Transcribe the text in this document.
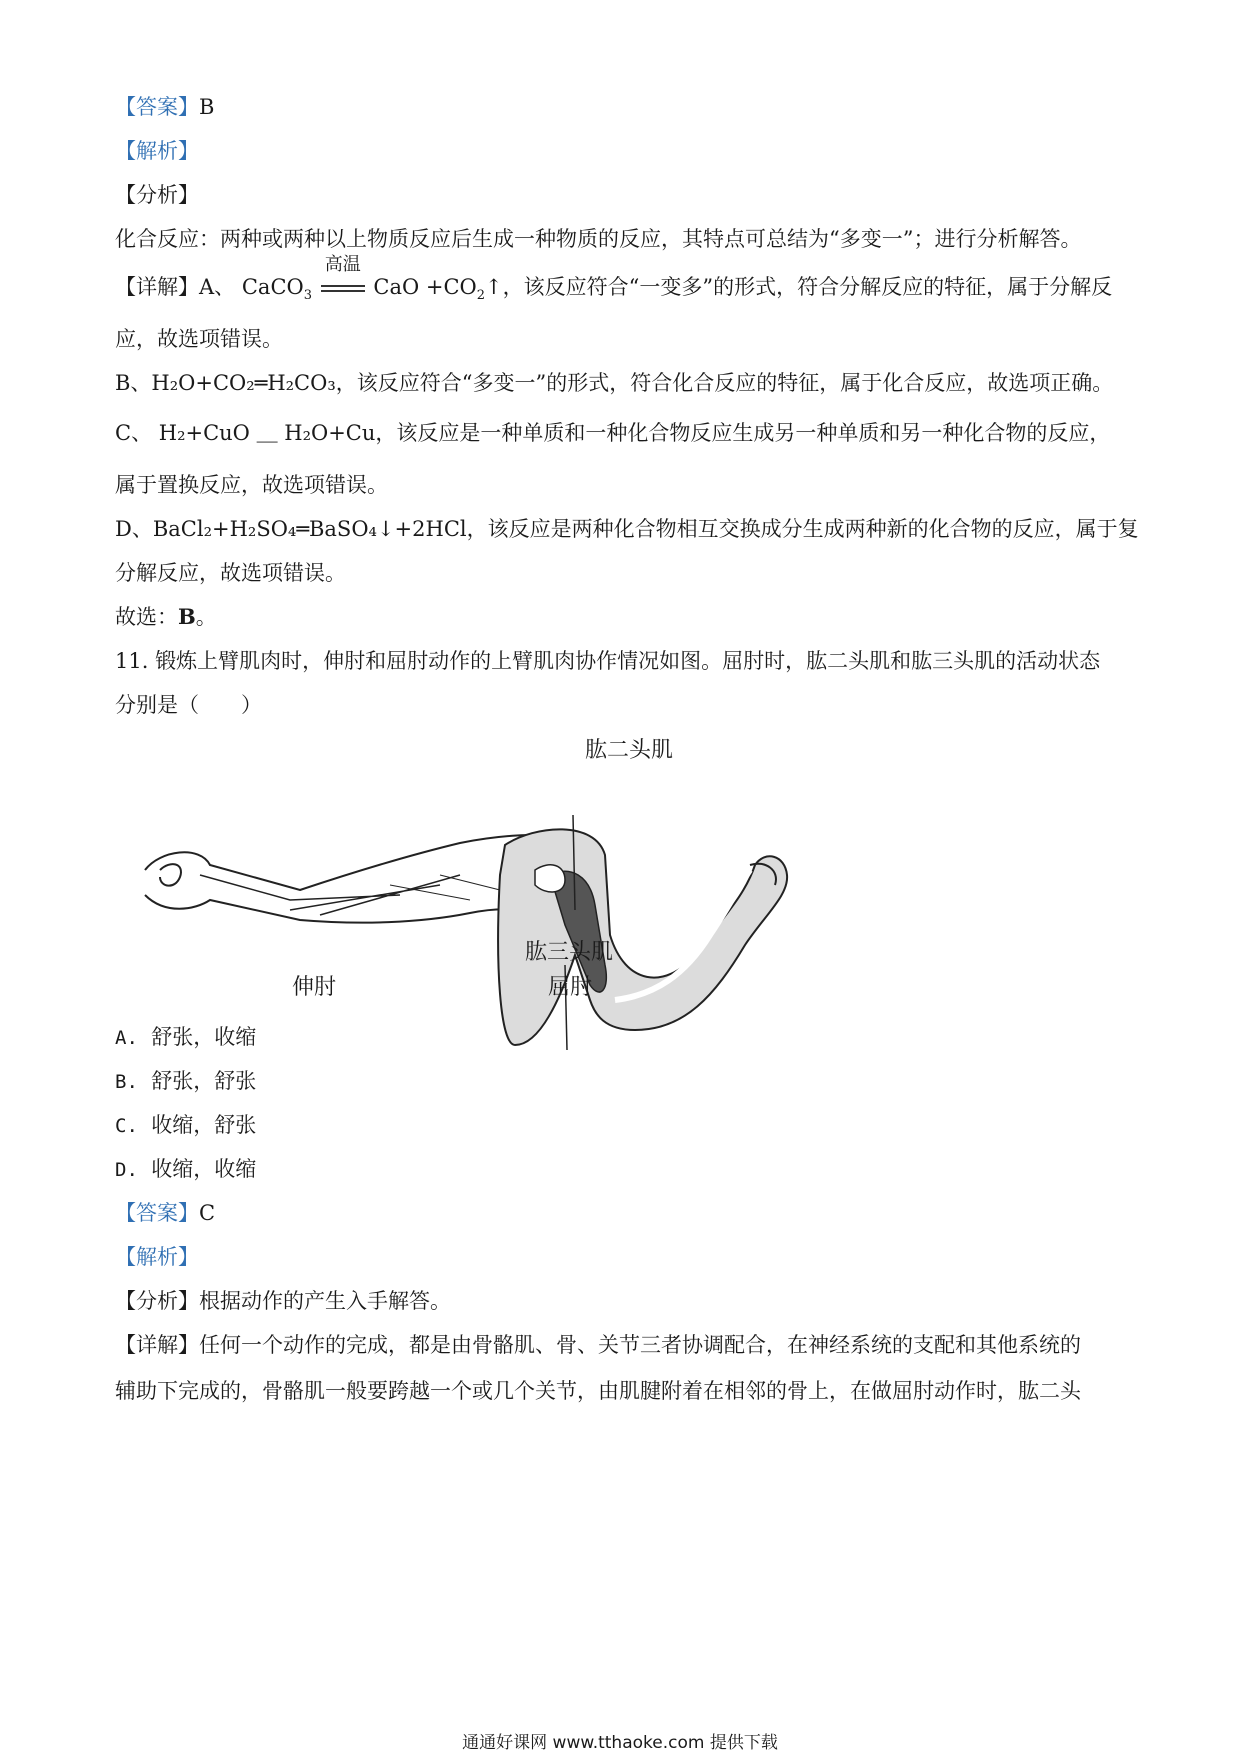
【答案】B
【解析】
【分析】
化合反应：两种或两种以上物质反应后生成一种物质的反应，其特点可总结为“多变一”；进行分析解答。
【详解】A、 CaCO$_3$
高温
CaO $+CO_2↑$，该反应符合“一变多”的形式，符合分解反应的特征，属于分解反
应，故选项错误。
B、H₂O+CO₂═H₂CO₃，该反应符合“多变一”的形式，符合化合反应的特征，属于化合反应，故选项正确。
C、 H₂+CuO ＿ H₂O+Cu，该反应是一种单质和一种化合物反应生成另一种单质和另一种化合物的反应，
属于置换反应，故选项错误。
D、BaCl₂+H₂SO₄═BaSO₄↓+2HCl，该反应是两种化合物相互交换成分生成两种新的化合物的反应，属于复
分解反应，故选项错误。
故选：B。
11. 锻炼上臂肌肉时，伸肘和屈肘动作的上臂肌肉协作情况如图。屈肘时，肱二头肌和肱三头肌的活动状态
分别是（　　）
肱二头肌
肱三头肌
伸肘	屈肘
A. 舒张，收缩
B. 舒张，舒张
C. 收缩，舒张
D. 收缩，收缩
【答案】C
【解析】
【分析】根据动作的产生入手解答。
【详解】任何一个动作的完成，都是由骨骼肌、骨、关节三者协调配合，在神经系统的支配和其他系统的
辅助下完成的，骨骼肌一般要跨越一个或几个关节，由肌腱附着在相邻的骨上，在做屈肘动作时，肱二头
通通好课网 www.tthaoke.com 提供下载
